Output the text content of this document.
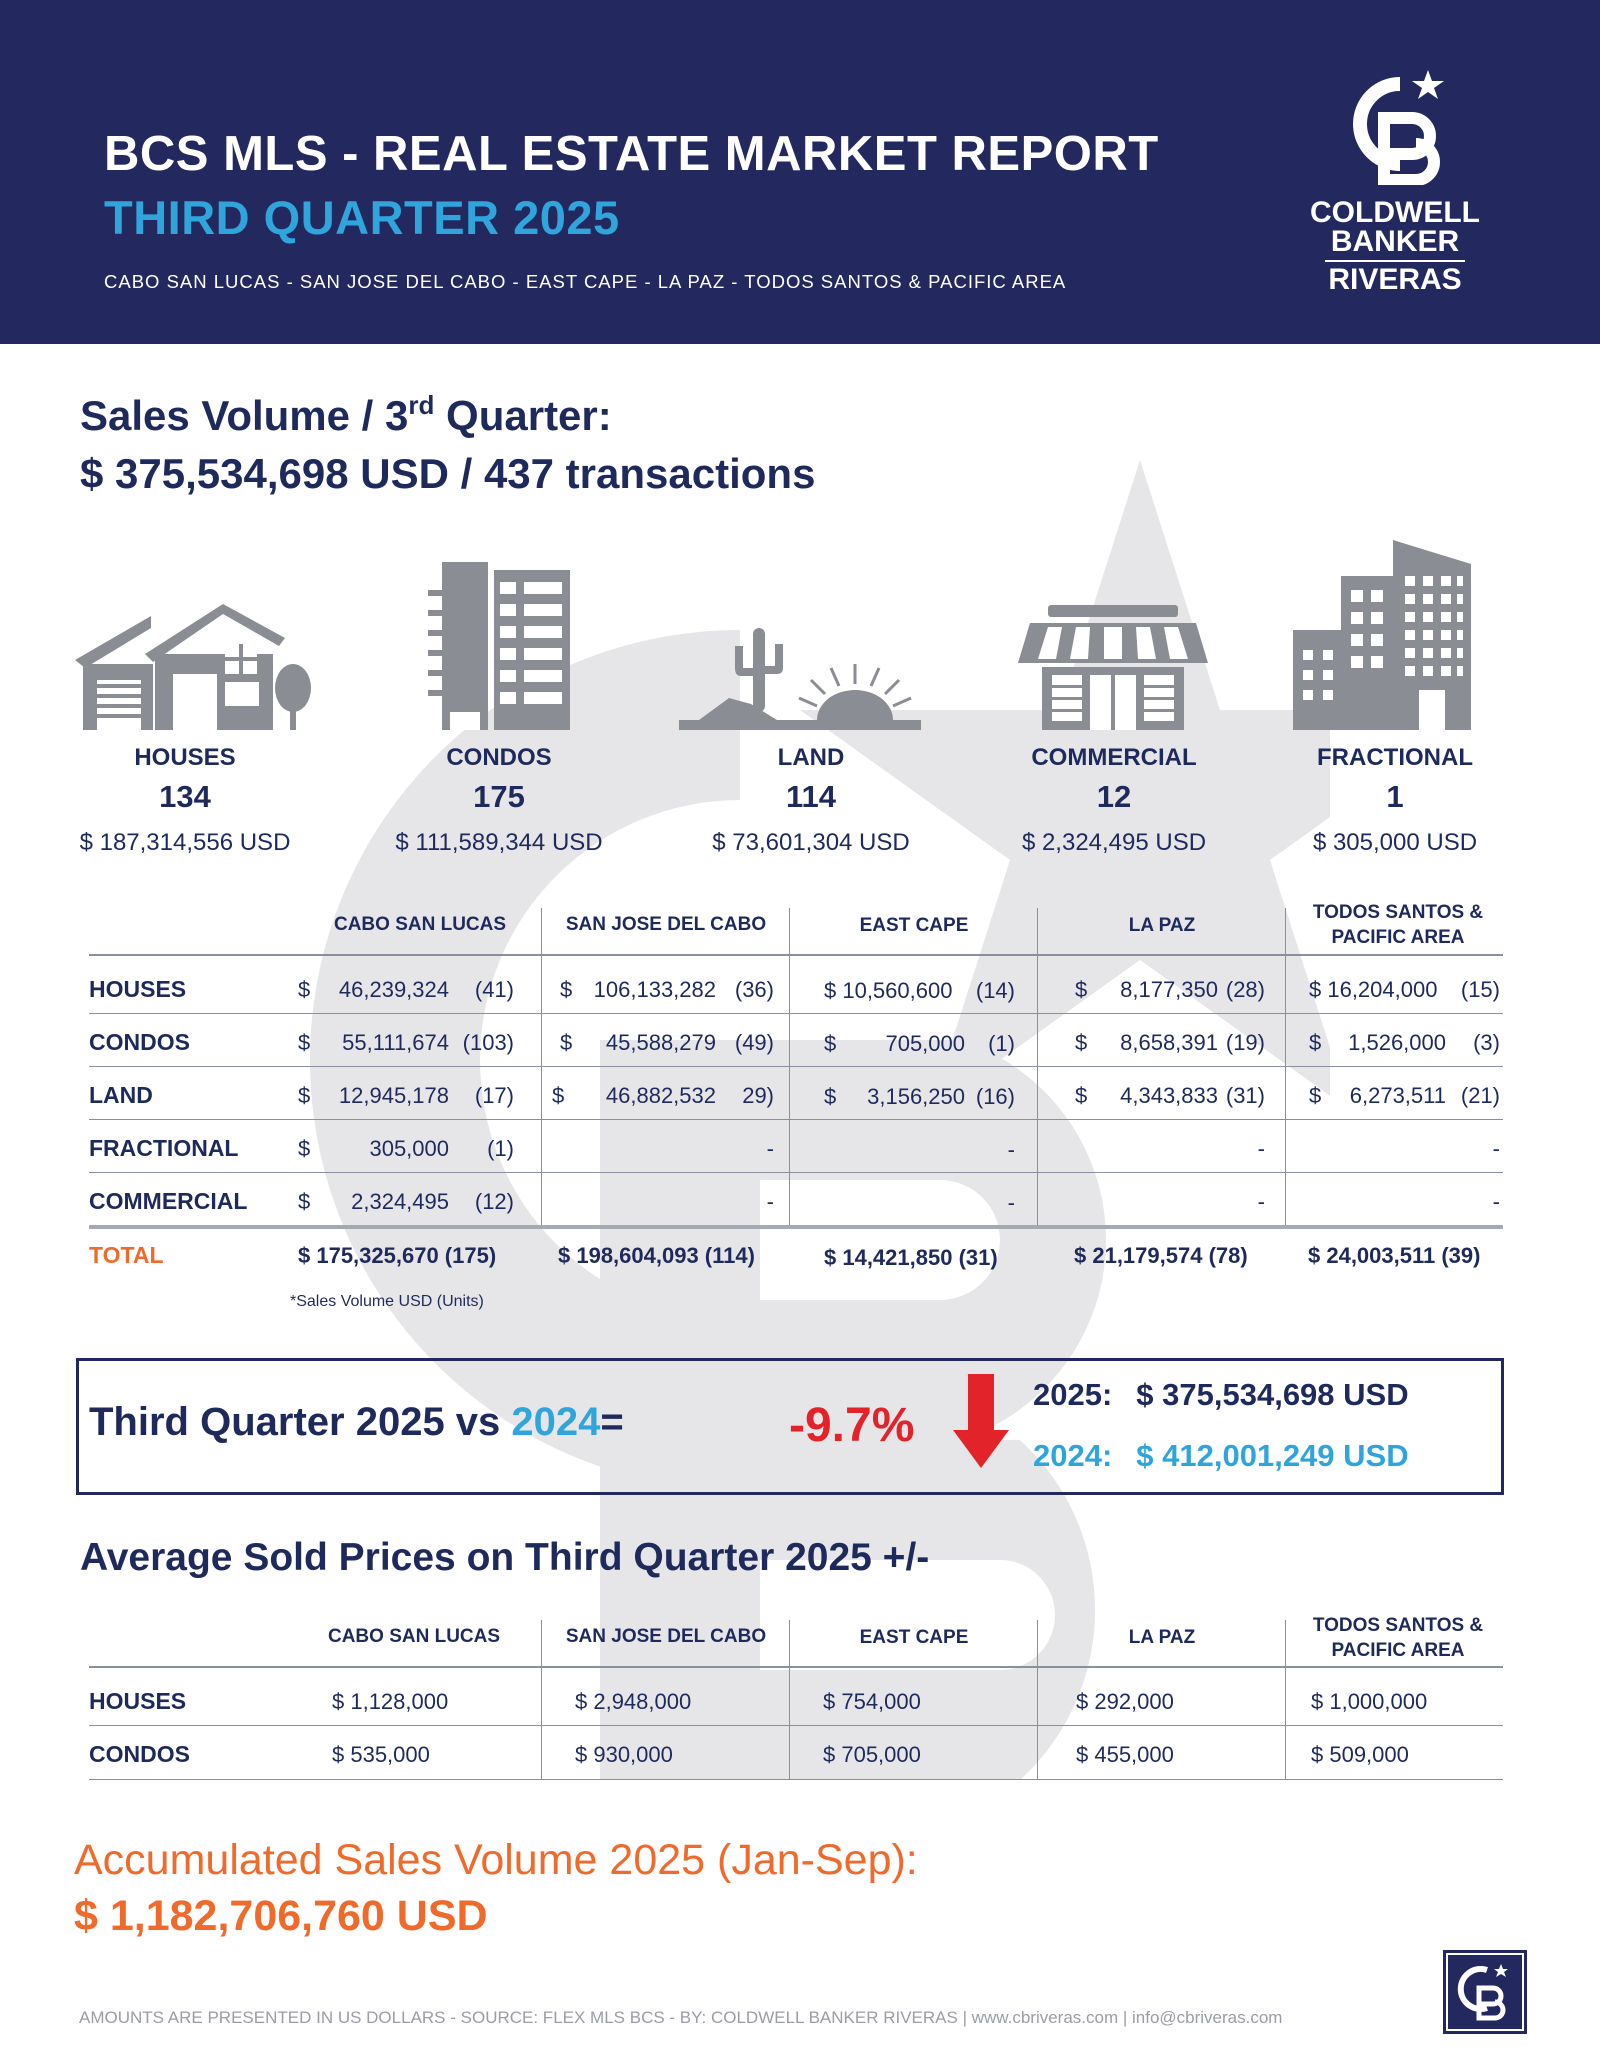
BCS MLS - REAL ESTATE MARKET REPORT
THIRD QUARTER 2025
CABO SAN LUCAS - SAN JOSE DEL CABO - EAST CAPE - LA PAZ - TODOS SANTOS & PACIFIC AREA
COLDWELL
BANKER
RIVERAS
Sales Volume / 3rd Quarter:
$ 375,534,698 USD / 437 transactions
HOUSES
134
$ 187,314,556 USD
CONDOS
175
$ 111,589,344 USD
LAND
114
$ 73,601,304 USD
COMMERCIAL
12
$ 2,324,495 USD
FRACTIONAL
1
$ 305,000 USD
CABO SAN LUCAS	SAN JOSE DEL CABO	EAST CAPE	LA PAZ
TODOS SANTOS &
PACIFIC AREA
HOUSES	$	46,239,324	(41) $ 106,133,282 (36) $ 10,560,600	(14)	$	8,177,350 (28) $ 16,204,000	(15)
CONDOS	$	55,111,674 (103) $	45,588,279 (49) $	705,000	(1)	$	8,658,391 (19) $	1,526,000	(3)
LAND	$	12,945,178	(17) $	46,882,532	29) $	3,156,250 (16)	$	4,343,833 (31) $	6,273,511 (21)
FRACTIONAL	$	305,000	(1)	-	-	-	-
COMMERCIAL $	2,324,495	(12)	-	-	-	-
TOTAL	$ 175,325,670 (175)	$ 198,604,093 (114)	$ 14,421,850 (31)	$ 21,179,574 (78)	$ 24,003,511 (39)
*Sales Volume USD (Units)
Third Quarter 2025 vs 2024=	-9.7%
2025: $ 375,534,698 USD
2024: $ 412,001,249 USD
Average Sold Prices on Third Quarter 2025 +/-
CABO SAN LUCAS	SAN JOSE DEL CABO	EAST CAPE	LA PAZ
TODOS SANTOS &
PACIFIC AREA
HOUSES	$ 1,128,000	$ 2,948,000	$ 754,000	$ 292,000	$ 1,000,000
CONDOS	$ 535,000	$ 930,000	$ 705,000	$ 455,000	$ 509,000
Accumulated Sales Volume 2025 (Jan-Sep):
$ 1,182,706,760 USD
AMOUNTS ARE PRESENTED IN US DOLLARS - SOURCE: FLEX MLS BCS - BY: COLDWELL BANKER RIVERAS | www.cbriveras.com | info@cbriveras.com
